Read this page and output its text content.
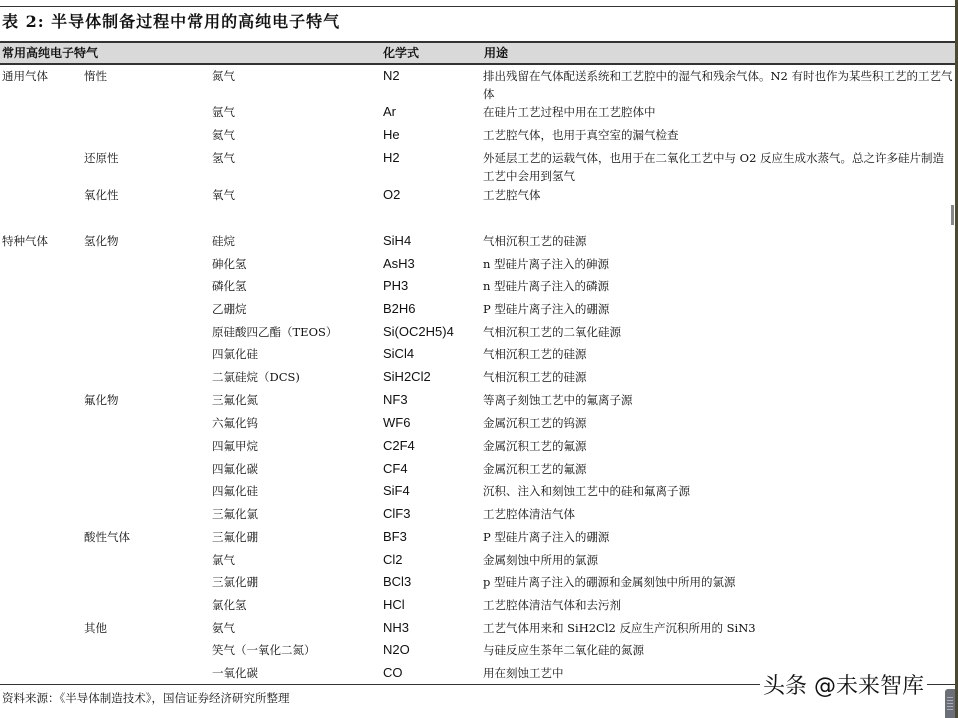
表 2: 半导体制备过程中常用的高纯电子特气
常用高纯电子特气	化学式	用途
通用气体	惰性	氮气	N2	排出残留在气体配送系统和工艺腔中的湿气和残余气体。N2 有时也作为某些积工艺的工艺气体
氩气	Ar	在硅片工艺过程中用在工艺腔体中
氦气	He	工艺腔气体，也用于真空室的漏气检查
还原性	氢气	H2	外延层工艺的运载气体，也用于在二氧化工艺中与 O2 反应生成水蒸气。总之许多硅片制造工艺中会用到氢气
氧化性	氧气	O2	工艺腔气体
特种气体	氢化物	硅烷	SiH4	气相沉积工艺的硅源
砷化氢	AsH3	n 型硅片离子注入的砷源
磷化氢	PH3	n 型硅片离子注入的磷源
乙硼烷	B2H6	P 型硅片离子注入的硼源
原硅酸四乙酯（TEOS）	Si(OC2H5)4	气相沉积工艺的二氧化硅源
四氯化硅	SiCl4	气相沉积工艺的硅源
二氯硅烷（DCS)	SiH2Cl2	气相沉积工艺的硅源
氟化物	三氟化氮	NF3	等离子刻蚀工艺中的氟离子源
六氟化钨	WF6	金属沉积工艺的钨源
四氟甲烷	C2F4	金属沉积工艺的氟源
四氟化碳	CF4	金属沉积工艺的氟源
四氟化硅	SiF4	沉积、注入和刻蚀工艺中的硅和氟离子源
三氟化氯	ClF3	工艺腔体清洁气体
酸性气体	三氟化硼	BF3	P 型硅片离子注入的硼源
氯气	Cl2	金属刻蚀中所用的氯源
三氯化硼	BCl3	p 型硅片离子注入的硼源和金属刻蚀中所用的氯源
氯化氢	HCl	工艺腔体清洁气体和去污剂
其他	氨气	NH3	工艺气体用来和 SiH2Cl2 反应生产沉积所用的 SiN3
笑气（一氧化二氮）	N2O	与硅反应生茶年二氧化硅的氮源
一氧化碳	CO	用在刻蚀工艺中
资料来源：《半导体制造技术》，国信证券经济研究所整理	头条 @未来智库
